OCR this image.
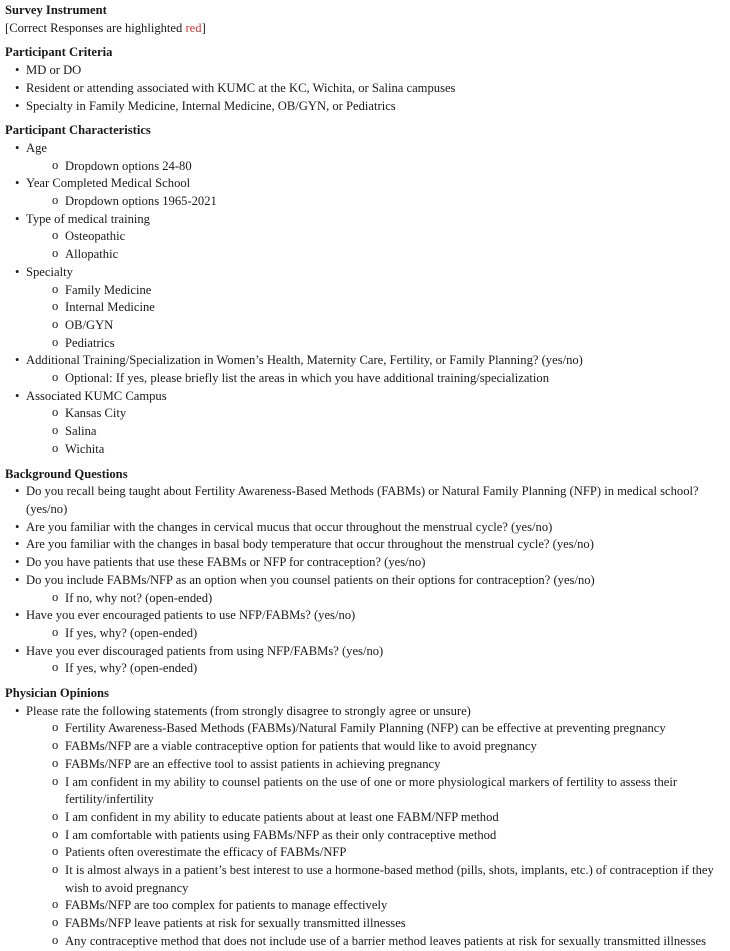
Survey Instrument
[Correct Responses are highlighted red]
Participant Criteria
• MD or DO
• Resident or attending associated with KUMC at the KC, Wichita, or Salina campuses
• Specialty in Family Medicine, Internal Medicine, OB/GYN, or Pediatrics
Participant Characteristics
• Age
o Dropdown options 24-80
• Year Completed Medical School
o Dropdown options 1965-2021
• Type of medical training
o Osteopathic
o Allopathic
• Specialty
o Family Medicine
o Internal Medicine
o OB/GYN
o Pediatrics
• Additional Training/Specialization in Women’s Health, Maternity Care, Fertility, or Family Planning? (yes/no)
o Optional: If yes, please briefly list the areas in which you have additional training/specialization
• Associated KUMC Campus
o Kansas City
o Salina
o Wichita
Background Questions
• Do you recall being taught about Fertility Awareness-Based Methods (FABMs) or Natural Family Planning (NFP) in medical school? (yes/no)
• Are you familiar with the changes in cervical mucus that occur throughout the menstrual cycle? (yes/no)
• Are you familiar with the changes in basal body temperature that occur throughout the menstrual cycle? (yes/no)
• Do you have patients that use these FABMs or NFP for contraception? (yes/no)
• Do you include FABMs/NFP as an option when you counsel patients on their options for contraception? (yes/no)
o If no, why not? (open-ended)
• Have you ever encouraged patients to use NFP/FABMs? (yes/no)
o If yes, why? (open-ended)
• Have you ever discouraged patients from using NFP/FABMs? (yes/no)
o If yes, why? (open-ended)
Physician Opinions
• Please rate the following statements (from strongly disagree to strongly agree or unsure)
o Fertility Awareness-Based Methods (FABMs)/Natural Family Planning (NFP) can be effective at preventing pregnancy
o FABMs/NFP are a viable contraceptive option for patients that would like to avoid pregnancy
o FABMs/NFP are an effective tool to assist patients in achieving pregnancy
o I am confident in my ability to counsel patients on the use of one or more physiological markers of fertility to assess their fertility/infertility
o I am confident in my ability to educate patients about at least one FABM/NFP method
o I am comfortable with patients using FABMs/NFP as their only contraceptive method
o Patients often overestimate the efficacy of FABMs/NFP
o It is almost always in a patient’s best interest to use a hormone-based method (pills, shots, implants, etc.) of contraception if they wish to avoid pregnancy
o FABMs/NFP are too complex for patients to manage effectively
o FABMs/NFP leave patients at risk for sexually transmitted illnesses
o Any contraceptive method that does not include use of a barrier method leaves patients at risk for sexually transmitted illnesses
